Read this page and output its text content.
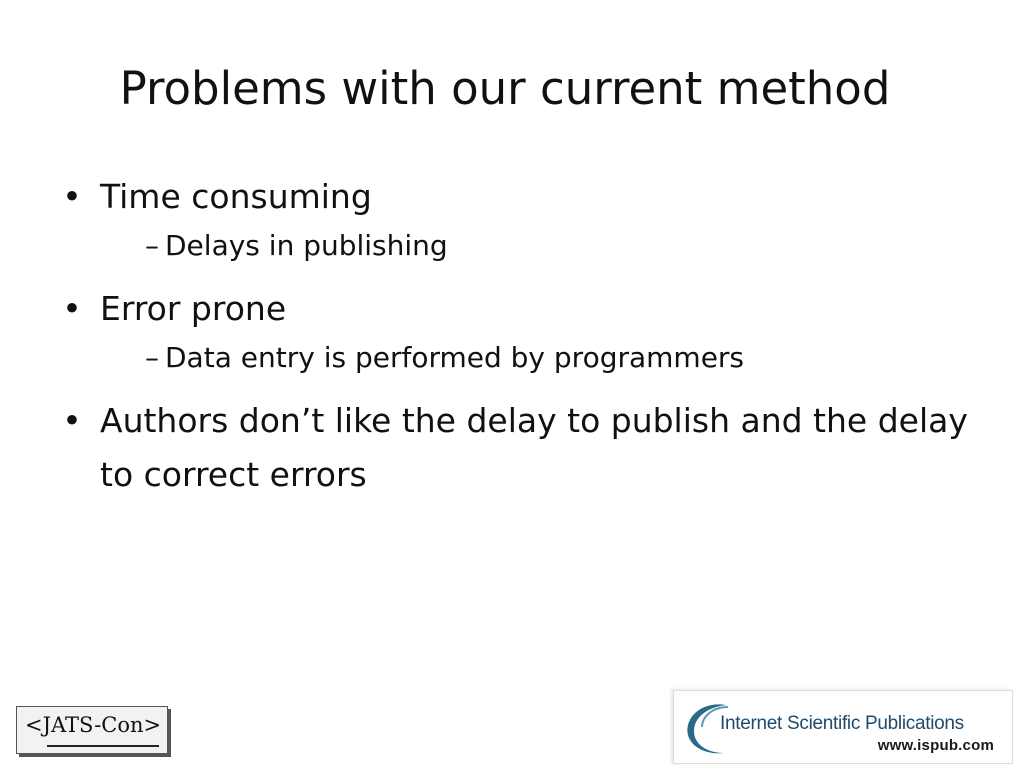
Problems with our current method
• Time consuming
– Delays in publishing
• Error prone
– Data entry is performed by programmers
• Authors don’t like the delay to publish and the delay to correct errors
<JATS-Con>	Internet Scientific Publications
www.ispub.com
